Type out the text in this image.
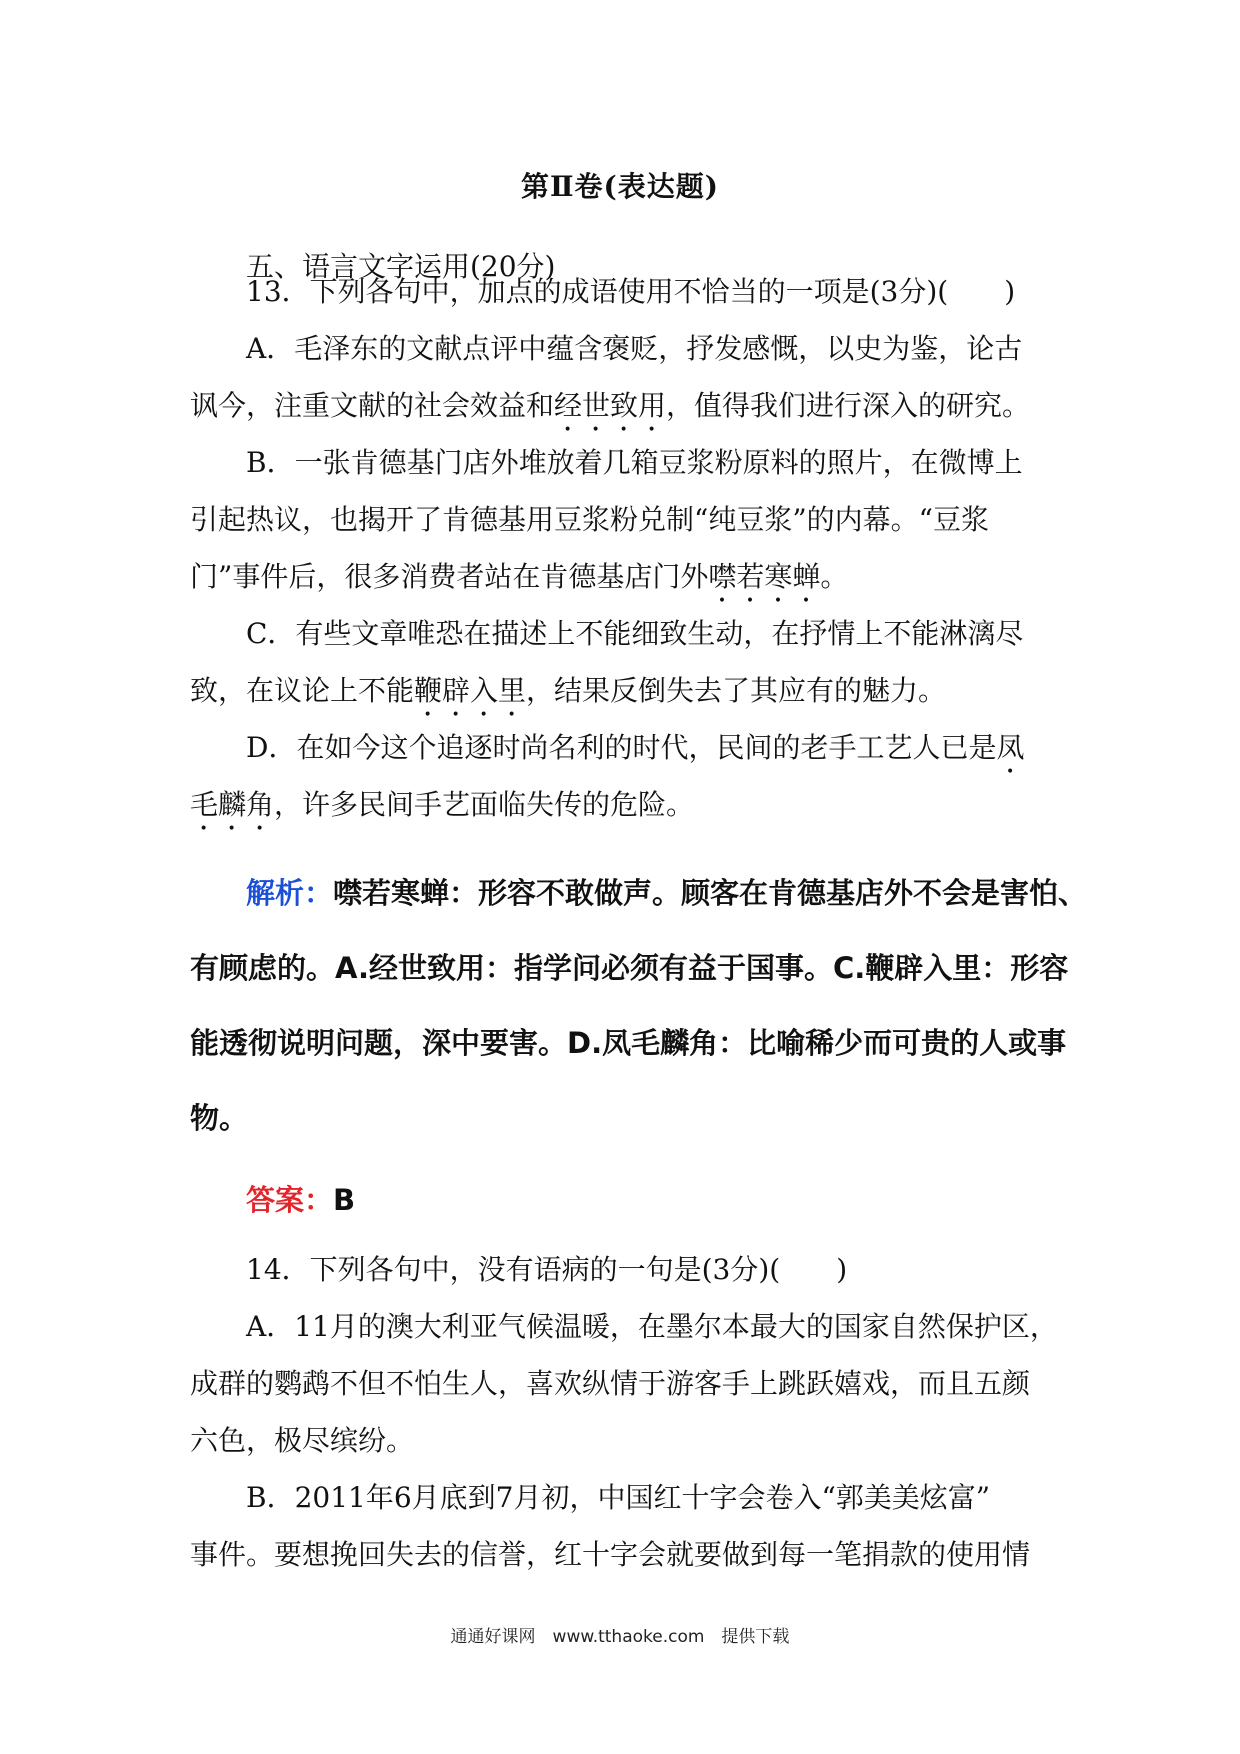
第Ⅱ卷(表达题)
五、语言文字运用(20分)
13．下列各句中，加点的成语使用不恰当的一项是(3分)(　　)
A．毛泽东的文献点评中蕴含褒贬，抒发感慨，以史为鉴，论古
讽今，注重文献的社会效益和经世致用，值得我们进行深入的研究。
B．一张肯德基门店外堆放着几箱豆浆粉原料的照片，在微博上
引起热议，也揭开了肯德基用豆浆粉兑制“纯豆浆”的内幕。“豆浆
门”事件后，很多消费者站在肯德基店门外噤若寒蝉。
C．有些文章唯恐在描述上不能细致生动，在抒情上不能淋漓尽
致，在议论上不能鞭辟入里，结果反倒失去了其应有的魅力。
D．在如今这个追逐时尚名利的时代，民间的老手工艺人已是凤
毛麟角，许多民间手艺面临失传的危险。
解析：噤若寒蝉：形容不敢做声。顾客在肯德基店外不会是害怕、
有顾虑的。A.经世致用：指学问必须有益于国事。C.鞭辟入里：形容
能透彻说明问题，深中要害。D.凤毛麟角：比喻稀少而可贵的人或事
物。
答案：B
14．下列各句中，没有语病的一句是(3分)(　　)
A．11月的澳大利亚气候温暖，在墨尔本最大的国家自然保护区，
成群的鹦鹉不但不怕生人，喜欢纵情于游客手上跳跃嬉戏，而且五颜
六色，极尽缤纷。
B．2011年6月底到7月初，中国红十字会卷入“郭美美炫富”
事件。要想挽回失去的信誉，红十字会就要做到每一笔捐款的使用情
通通好课网　www.tthaoke.com　提供下载
